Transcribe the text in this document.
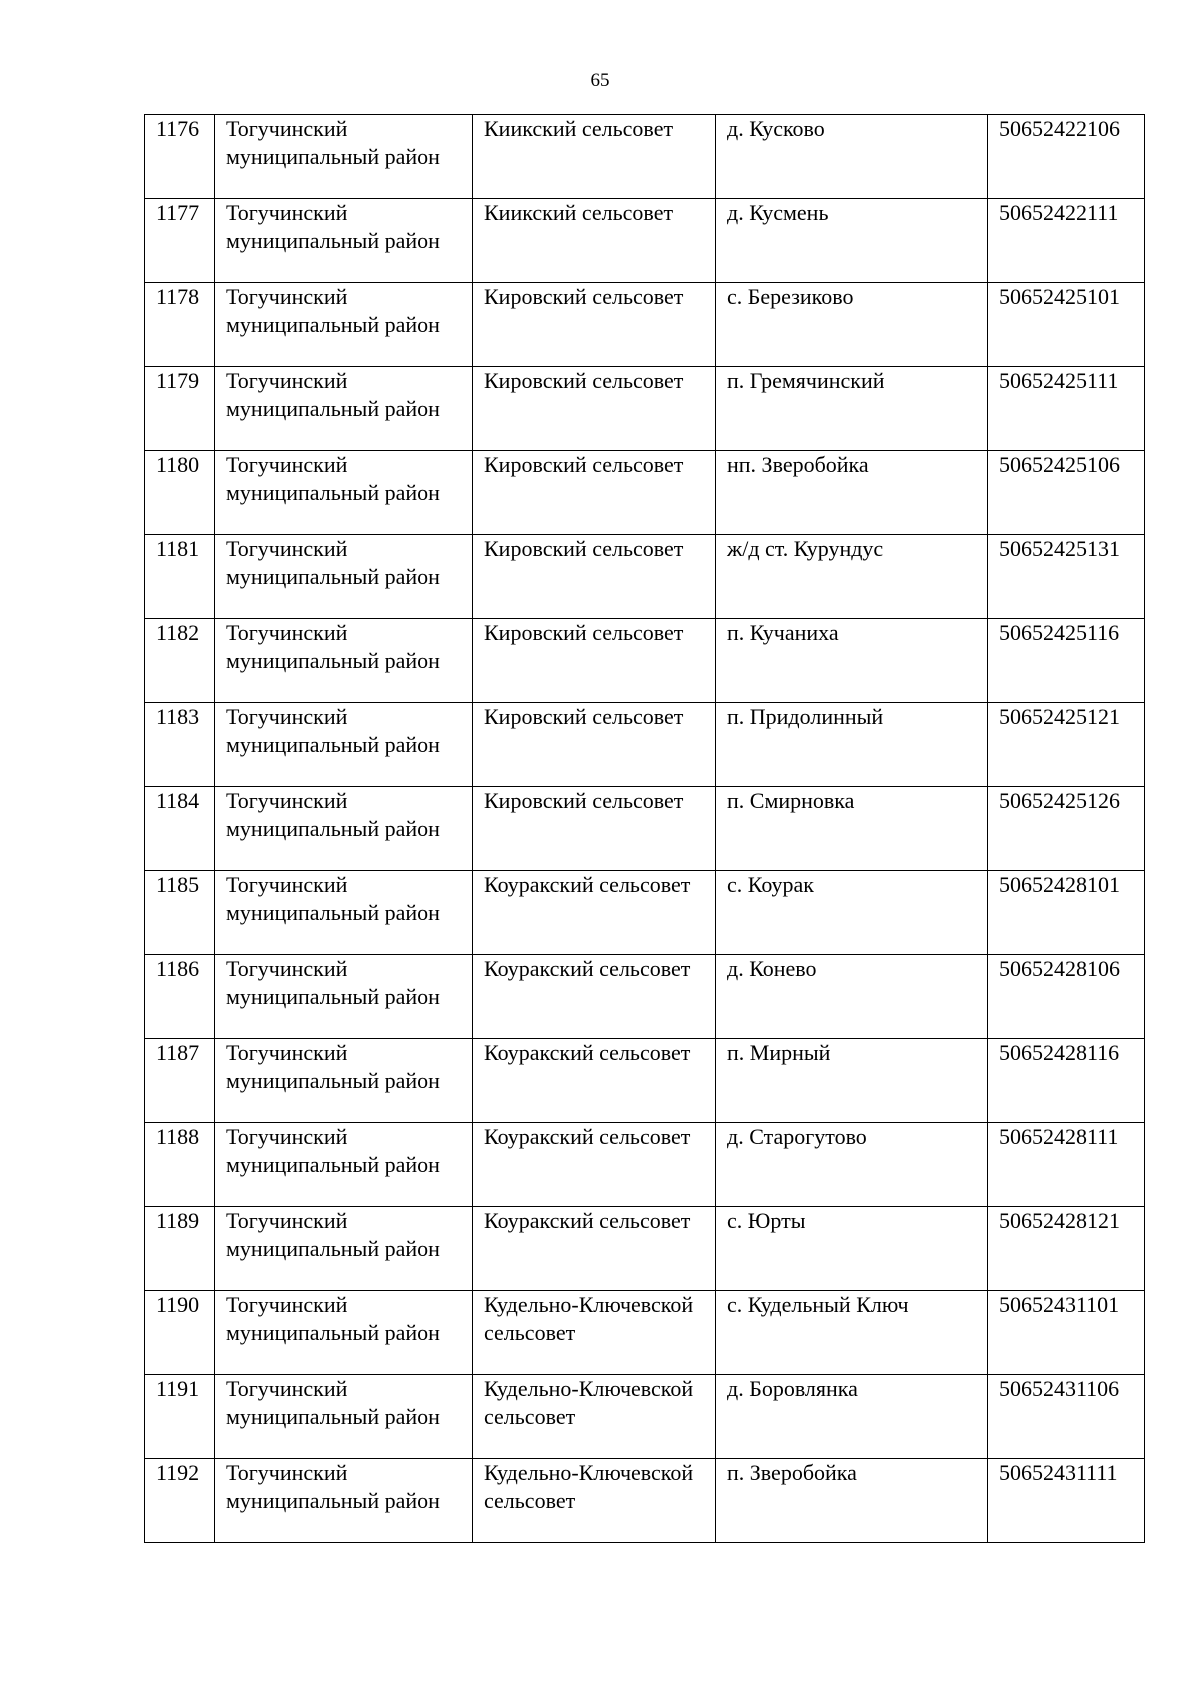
65
1176	Тогучинский муниципальный район	Киикский сельсовет	д. Кусково	50652422106
1177	Тогучинский муниципальный район	Киикский сельсовет	д. Кусмень	50652422111
1178	Тогучинский муниципальный район	Кировский сельсовет	с. Березиково	50652425101
1179	Тогучинский муниципальный район	Кировский сельсовет	п. Гремячинский	50652425111
1180	Тогучинский муниципальный район	Кировский сельсовет	нп. Зверобойка	50652425106
1181	Тогучинский муниципальный район	Кировский сельсовет	ж/д ст. Курундус	50652425131
1182	Тогучинский муниципальный район	Кировский сельсовет	п. Кучаниха	50652425116
1183	Тогучинский муниципальный район	Кировский сельсовет	п. Придолинный	50652425121
1184	Тогучинский муниципальный район	Кировский сельсовет	п. Смирновка	50652425126
1185	Тогучинский муниципальный район	Коуракский сельсовет	с. Коурак	50652428101
1186	Тогучинский муниципальный район	Коуракский сельсовет	д. Конево	50652428106
1187	Тогучинский муниципальный район	Коуракский сельсовет	п. Мирный	50652428116
1188	Тогучинский муниципальный район	Коуракский сельсовет	д. Старогутово	50652428111
1189	Тогучинский муниципальный район	Коуракский сельсовет	с. Юрты	50652428121
1190	Тогучинский муниципальный район	Кудельно-Ключевской сельсовет	с. Кудельный Ключ	50652431101
1191	Тогучинский муниципальный район	Кудельно-Ключевской сельсовет	д. Боровлянка	50652431106
1192	Тогучинский муниципальный район	Кудельно-Ключевской сельсовет	п. Зверобойка	50652431111
